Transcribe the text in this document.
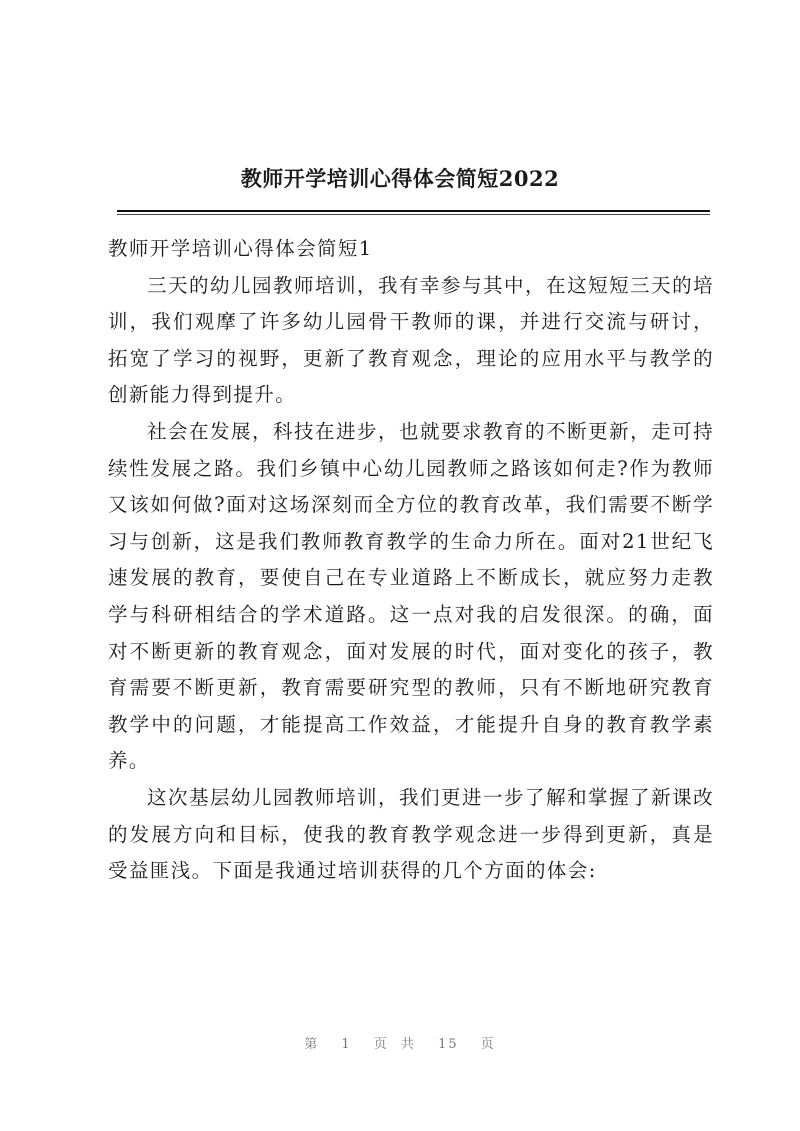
教师开学培训心得体会简短2022

教师开学培训心得体会简短1

三天的幼儿园教师培训，我有幸参与其中，在这短短三天的培训，我们观摩了许多幼儿园骨干教师的课，并进行交流与研讨，拓宽了学习的视野，更新了教育观念，理论的应用水平与教学的创新能力得到提升。

社会在发展，科技在进步，也就要求教育的不断更新，走可持续性发展之路。我们乡镇中心幼儿园教师之路该如何走?作为教师又该如何做?面对这场深刻而全方位的教育改革，我们需要不断学习与创新，这是我们教师教育教学的生命力所在。面对21世纪飞速发展的教育，要使自己在专业道路上不断成长，就应努力走教学与科研相结合的学术道路。这一点对我的启发很深。的确，面对不断更新的教育观念，面对发展的时代，面对变化的孩子，教育需要不断更新，教育需要研究型的教师，只有不断地研究教育教学中的问题，才能提高工作效益，才能提升自身的教育教学素养。

这次基层幼儿园教师培训，我们更进一步了解和掌握了新课改的发展方向和目标，使我的教育教学观念进一步得到更新，真是受益匪浅。下面是我通过培训获得的几个方面的体会:

第 1 页 共 15 页
